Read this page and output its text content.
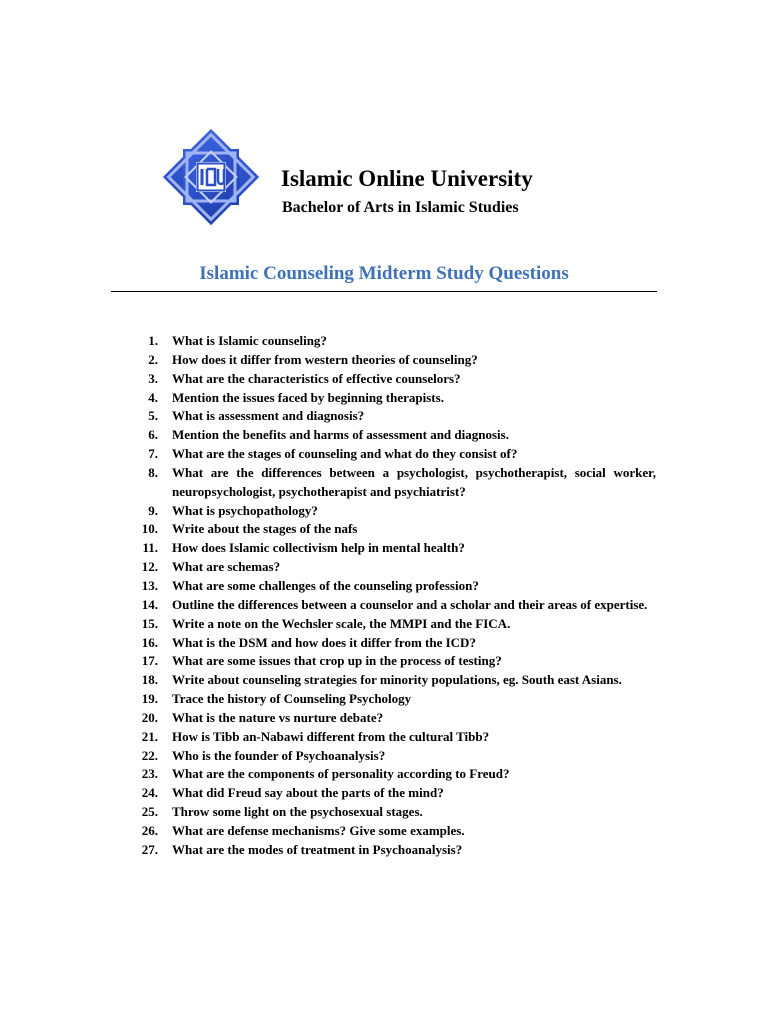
Islamic Online University

Bachelor of Arts in Islamic Studies

Islamic Counseling Midterm Study Questions
1. What is Islamic counseling?
2. How does it differ from western theories of counseling?
3. What are the characteristics of effective counselors?
4. Mention the issues faced by beginning therapists.
5. What is assessment and diagnosis?
6. Mention the benefits and harms of assessment and diagnosis.
7. What are the stages of counseling and what do they consist of?
8. What are the differences between a psychologist, psychotherapist, social worker, neuropsychologist, psychotherapist and psychiatrist?
9. What is psychopathology?
10. Write about the stages of the nafs
11. How does Islamic collectivism help in mental health?
12. What are schemas?
13. What are some challenges of the counseling profession?
14. Outline the differences between a counselor and a scholar and their areas of expertise.
15. Write a note on the Wechsler scale, the MMPI and the FICA.
16. What is the DSM and how does it differ from the ICD?
17. What are some issues that crop up in the process of testing?
18. Write about counseling strategies for minority populations, eg. South east Asians.
19. Trace the history of Counseling Psychology
20. What is the nature vs nurture debate?
21. How is Tibb an-Nabawi different from the cultural Tibb?
22. Who is the founder of Psychoanalysis?
23. What are the components of personality according to Freud?
24. What did Freud say about the parts of the mind?
25. Throw some light on the psychosexual stages.
26. What are defense mechanisms? Give some examples.
27. What are the modes of treatment in Psychoanalysis?
